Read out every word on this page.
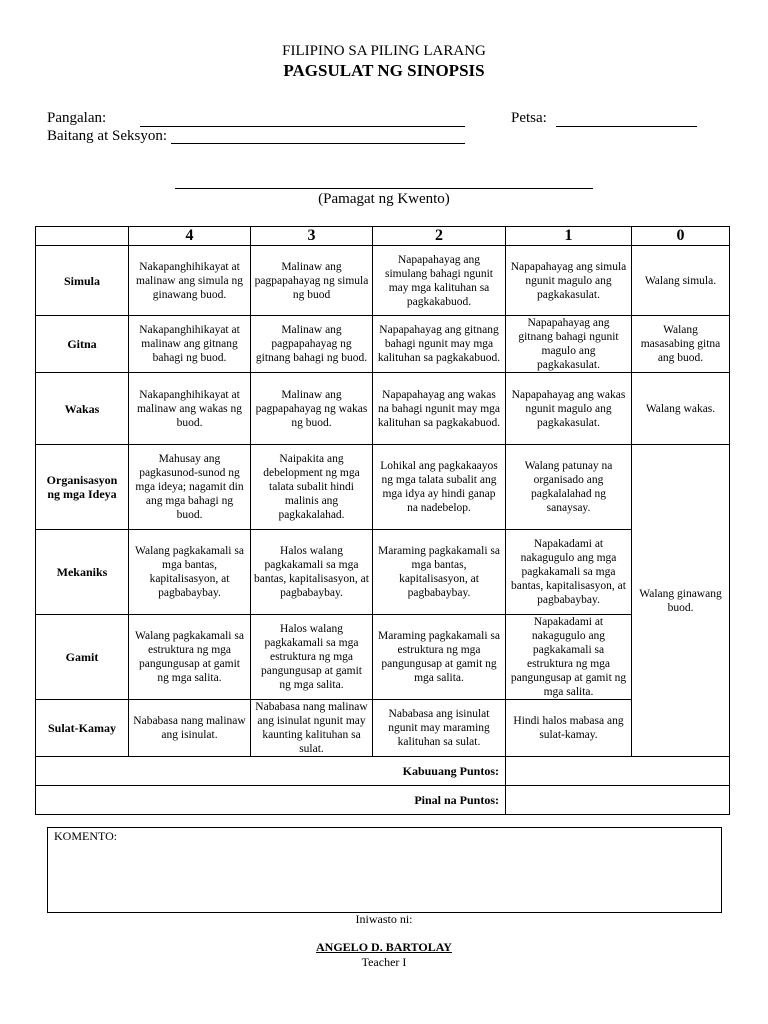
FILIPINO SA PILING LARANG
PAGSULAT NG SINOPSIS
Pangalan:	Petsa:
Baitang at Seksyon:
(Pamagat ng Kwento)
	4	3	2	1	0
Simula	Nakapanghihikayat at malinaw ang simula ng ginawang buod.	Malinaw ang pagpapahayag ng simula ng buod	Napapahayag ang simulang bahagi ngunit may mga kalituhan sa pagkakabuod.	Napapahayag ang simula ngunit magulo ang pagkakasulat.	Walang simula.
Gitna	Nakapanghihikayat at malinaw ang gitnang bahagi ng buod.	Malinaw ang pagpapahayag ng gitnang bahagi ng buod.	Napapahayag ang gitnang bahagi ngunit may mga kalituhan sa pagkakabuod.	Napapahayag ang gitnang bahagi ngunit magulo ang pagkakasulat.	Walang masasabing gitna ang buod.
Wakas	Nakapanghihikayat at malinaw ang wakas ng buod.	Malinaw ang pagpapahayag ng wakas ng buod.	Napapahayag ang wakas na bahagi ngunit may mga kalituhan sa pagkakabuod.	Napapahayag ang wakas ngunit magulo ang pagkakasulat.	Walang wakas.
Organisasyon ng mga Ideya	Mahusay ang pagkasunod-sunod ng mga ideya; nagamit din ang mga bahagi ng buod.	Naipakita ang debelopment ng mga talata subalit hindi malinis ang pagkakalahad.	Lohikal ang pagkakaayos ng mga talata subalit ang mga idya ay hindi ganap na nadebelop.	Walang patunay na organisado ang pagkalalahad ng sanaysay.	Walang ginawang buod.
Mekaniks	Walang pagkakamali sa mga bantas, kapitalisasyon, at pagbabaybay.	Halos walang pagkakamali sa mga bantas, kapitalisasyon, at pagbabaybay.	Maraming pagkakamali sa mga bantas, kapitalisasyon, at pagbabaybay.	Napakadami at nakagugulo ang mga pagkakamali sa mga bantas, kapitalisasyon, at pagbabaybay.	
Gamit	Walang pagkakamali sa estruktura ng mga pangungusap at gamit ng mga salita.	Halos walang pagkakamali sa mga estruktura ng mga pangungusap at gamit ng mga salita.	Maraming pagkakamali sa estruktura ng mga pangungusap at gamit ng mga salita.	Napakadami at nakagugulo ang pagkakamali sa estruktura ng mga pangungusap at gamit ng mga salita.	
Sulat-Kamay	Nababasa nang malinaw ang isinulat.	Nababasa nang malinaw ang isinulat ngunit may kaunting kalituhan sa sulat.	Nababasa ang isinulat ngunit may maraming kalituhan sa sulat.	Hindi halos mabasa ang sulat-kamay.	
Kabuuang Puntos:					
Pinal na Puntos:					
KOMENTO:
Iniwasto ni:
ANGELO D. BARTOLAY
Teacher I
